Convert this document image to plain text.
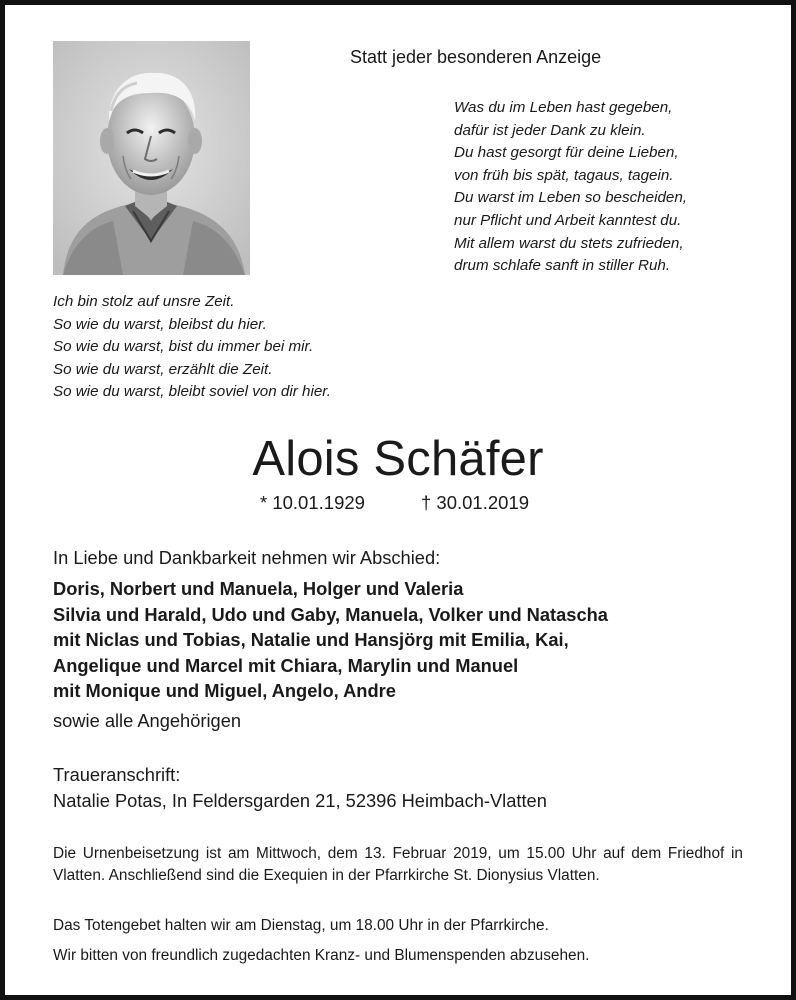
Statt jeder besonderen Anzeige
Was du im Leben hast gegeben,
dafür ist jeder Dank zu klein.
Du hast gesorgt für deine Lieben,
von früh bis spät, tagaus, tagein.
Du warst im Leben so bescheiden,
nur Pflicht und Arbeit kanntest du.
Mit allem warst du stets zufrieden,
drum schlafe sanft in stiller Ruh.
Ich bin stolz auf unsre Zeit.
So wie du warst, bleibst du hier.
So wie du warst, bist du immer bei mir.
So wie du warst, erzählt die Zeit.
So wie du warst, bleibt soviel von dir hier.
Alois Schäfer
* 10.01.1929	† 30.01.2019
In Liebe und Dankbarkeit nehmen wir Abschied:
Doris, Norbert und Manuela, Holger und Valeria
Silvia und Harald, Udo und Gaby, Manuela, Volker und Natascha
mit Niclas und Tobias, Natalie und Hansjörg mit Emilia, Kai,
Angelique und Marcel mit Chiara, Marylin und Manuel
mit Monique und Miguel, Angelo, Andre
sowie alle Angehörigen
Traueranschrift:
Natalie Potas, In Feldersgarden 21, 52396 Heimbach-Vlatten
Die Urnenbeisetzung ist am Mittwoch, dem 13. Februar 2019, um 15.00 Uhr auf dem Friedhof in Vlatten. Anschließend sind die Exequien in der Pfarrkirche St. Dionysius Vlatten.
Das Totengebet halten wir am Dienstag, um 18.00 Uhr in der Pfarrkirche.
Wir bitten von freundlich zugedachten Kranz- und Blumenspenden abzusehen.
